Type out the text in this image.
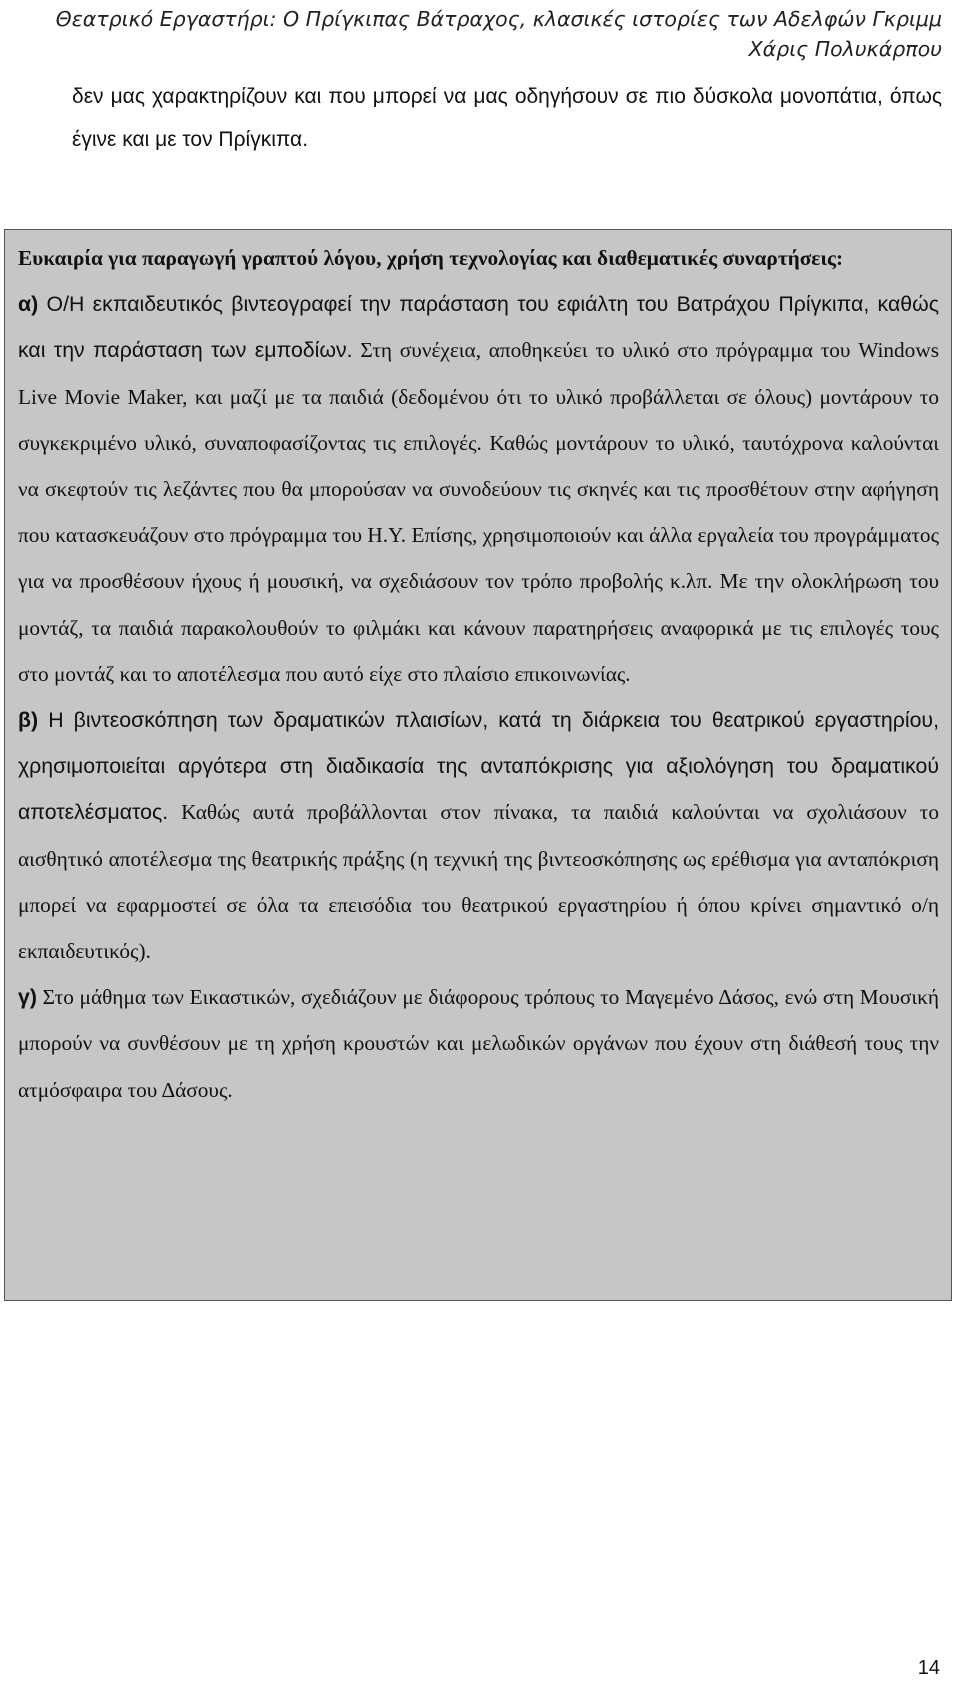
Θεατρικό Εργαστήρι: Ο Πρίγκιπας Βάτραχος, κλασικές ιστορίες των Αδελφών Γκριμμ
Χάρις Πολυκάρπου

δεν μας χαρακτηρίζουν και που μπορεί να μας οδηγήσουν σε πιο δύσκολα μονοπάτια, όπως έγινε και με τον Πρίγκιπα.

Ευκαιρία για παραγωγή γραπτού λόγου, χρήση τεχνολογίας και διαθεματικές συναρτήσεις:

α) Ο/Η εκπαιδευτικός βιντεογραφεί την παράσταση του εφιάλτη του Βατράχου Πρίγκιπα, καθώς και την παράσταση των εμποδίων. Στη συνέχεια, αποθηκεύει το υλικό στο πρόγραμμα του Windows Live Movie Maker, και μαζί με τα παιδιά (δεδομένου ότι το υλικό προβάλλεται σε όλους) μοντάρουν το συγκεκριμένο υλικό, συναποφασίζοντας τις επιλογές. Καθώς μοντάρουν το υλικό, ταυτόχρονα καλούνται να σκεφτούν τις λεζάντες που θα μπορούσαν να συνοδεύουν τις σκηνές και τις προσθέτουν στην αφήγηση που κατασκευάζουν στο πρόγραμμα του Η.Υ. Επίσης, χρησιμοποιούν και άλλα εργαλεία του προγράμματος για να προσθέσουν ήχους ή μουσική, να σχεδιάσουν τον τρόπο προβολής κ.λπ. Με την ολοκλήρωση του μοντάζ, τα παιδιά παρακολουθούν το φιλμάκι και κάνουν παρατηρήσεις αναφορικά με τις επιλογές τους στο μοντάζ και το αποτέλεσμα που αυτό είχε στο πλαίσιο επικοινωνίας.

β) Η βιντεοσκόπηση των δραματικών πλαισίων, κατά τη διάρκεια του θεατρικού εργαστηρίου, χρησιμοποιείται αργότερα στη διαδικασία της ανταπόκρισης για αξιολόγηση του δραματικού αποτελέσματος. Καθώς αυτά προβάλλονται στον πίνακα, τα παιδιά καλούνται να σχολιάσουν το αισθητικό αποτέλεσμα της θεατρικής πράξης (η τεχνική της βιντεοσκόπησης ως ερέθισμα για ανταπόκριση μπορεί να εφαρμοστεί σε όλα τα επεισόδια του θεατρικού εργαστηρίου ή όπου κρίνει σημαντικό ο/η εκπαιδευτικός).

γ) Στο μάθημα των Εικαστικών, σχεδιάζουν με διάφορους τρόπους το Μαγεμένο Δάσος, ενώ στη Μουσική μπορούν να συνθέσουν με τη χρήση κρουστών και μελωδικών οργάνων που έχουν στη διάθεσή τους την ατμόσφαιρα του Δάσους.

14
